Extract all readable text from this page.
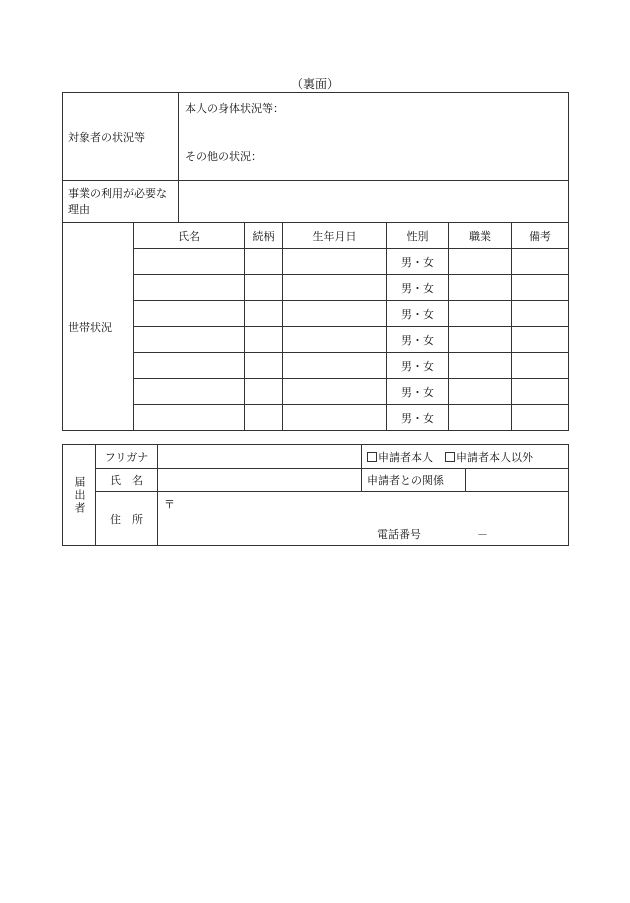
（裏面）
対象者の状況等		本人の身体状況等：
その他の状況：					

事業の利用が必要な理由							
世帯状況	氏名		続柄	生年月日	性別	職業	備考
					男・女		
					男・女		
					男・女		
					男・女		
					男・女		
					男・女		
					男・女		
届出者	フリガナ		申請者本人 申請者本人以外	
	氏　名		申請者との関係	
	住　所	〒
電話番号 －		
